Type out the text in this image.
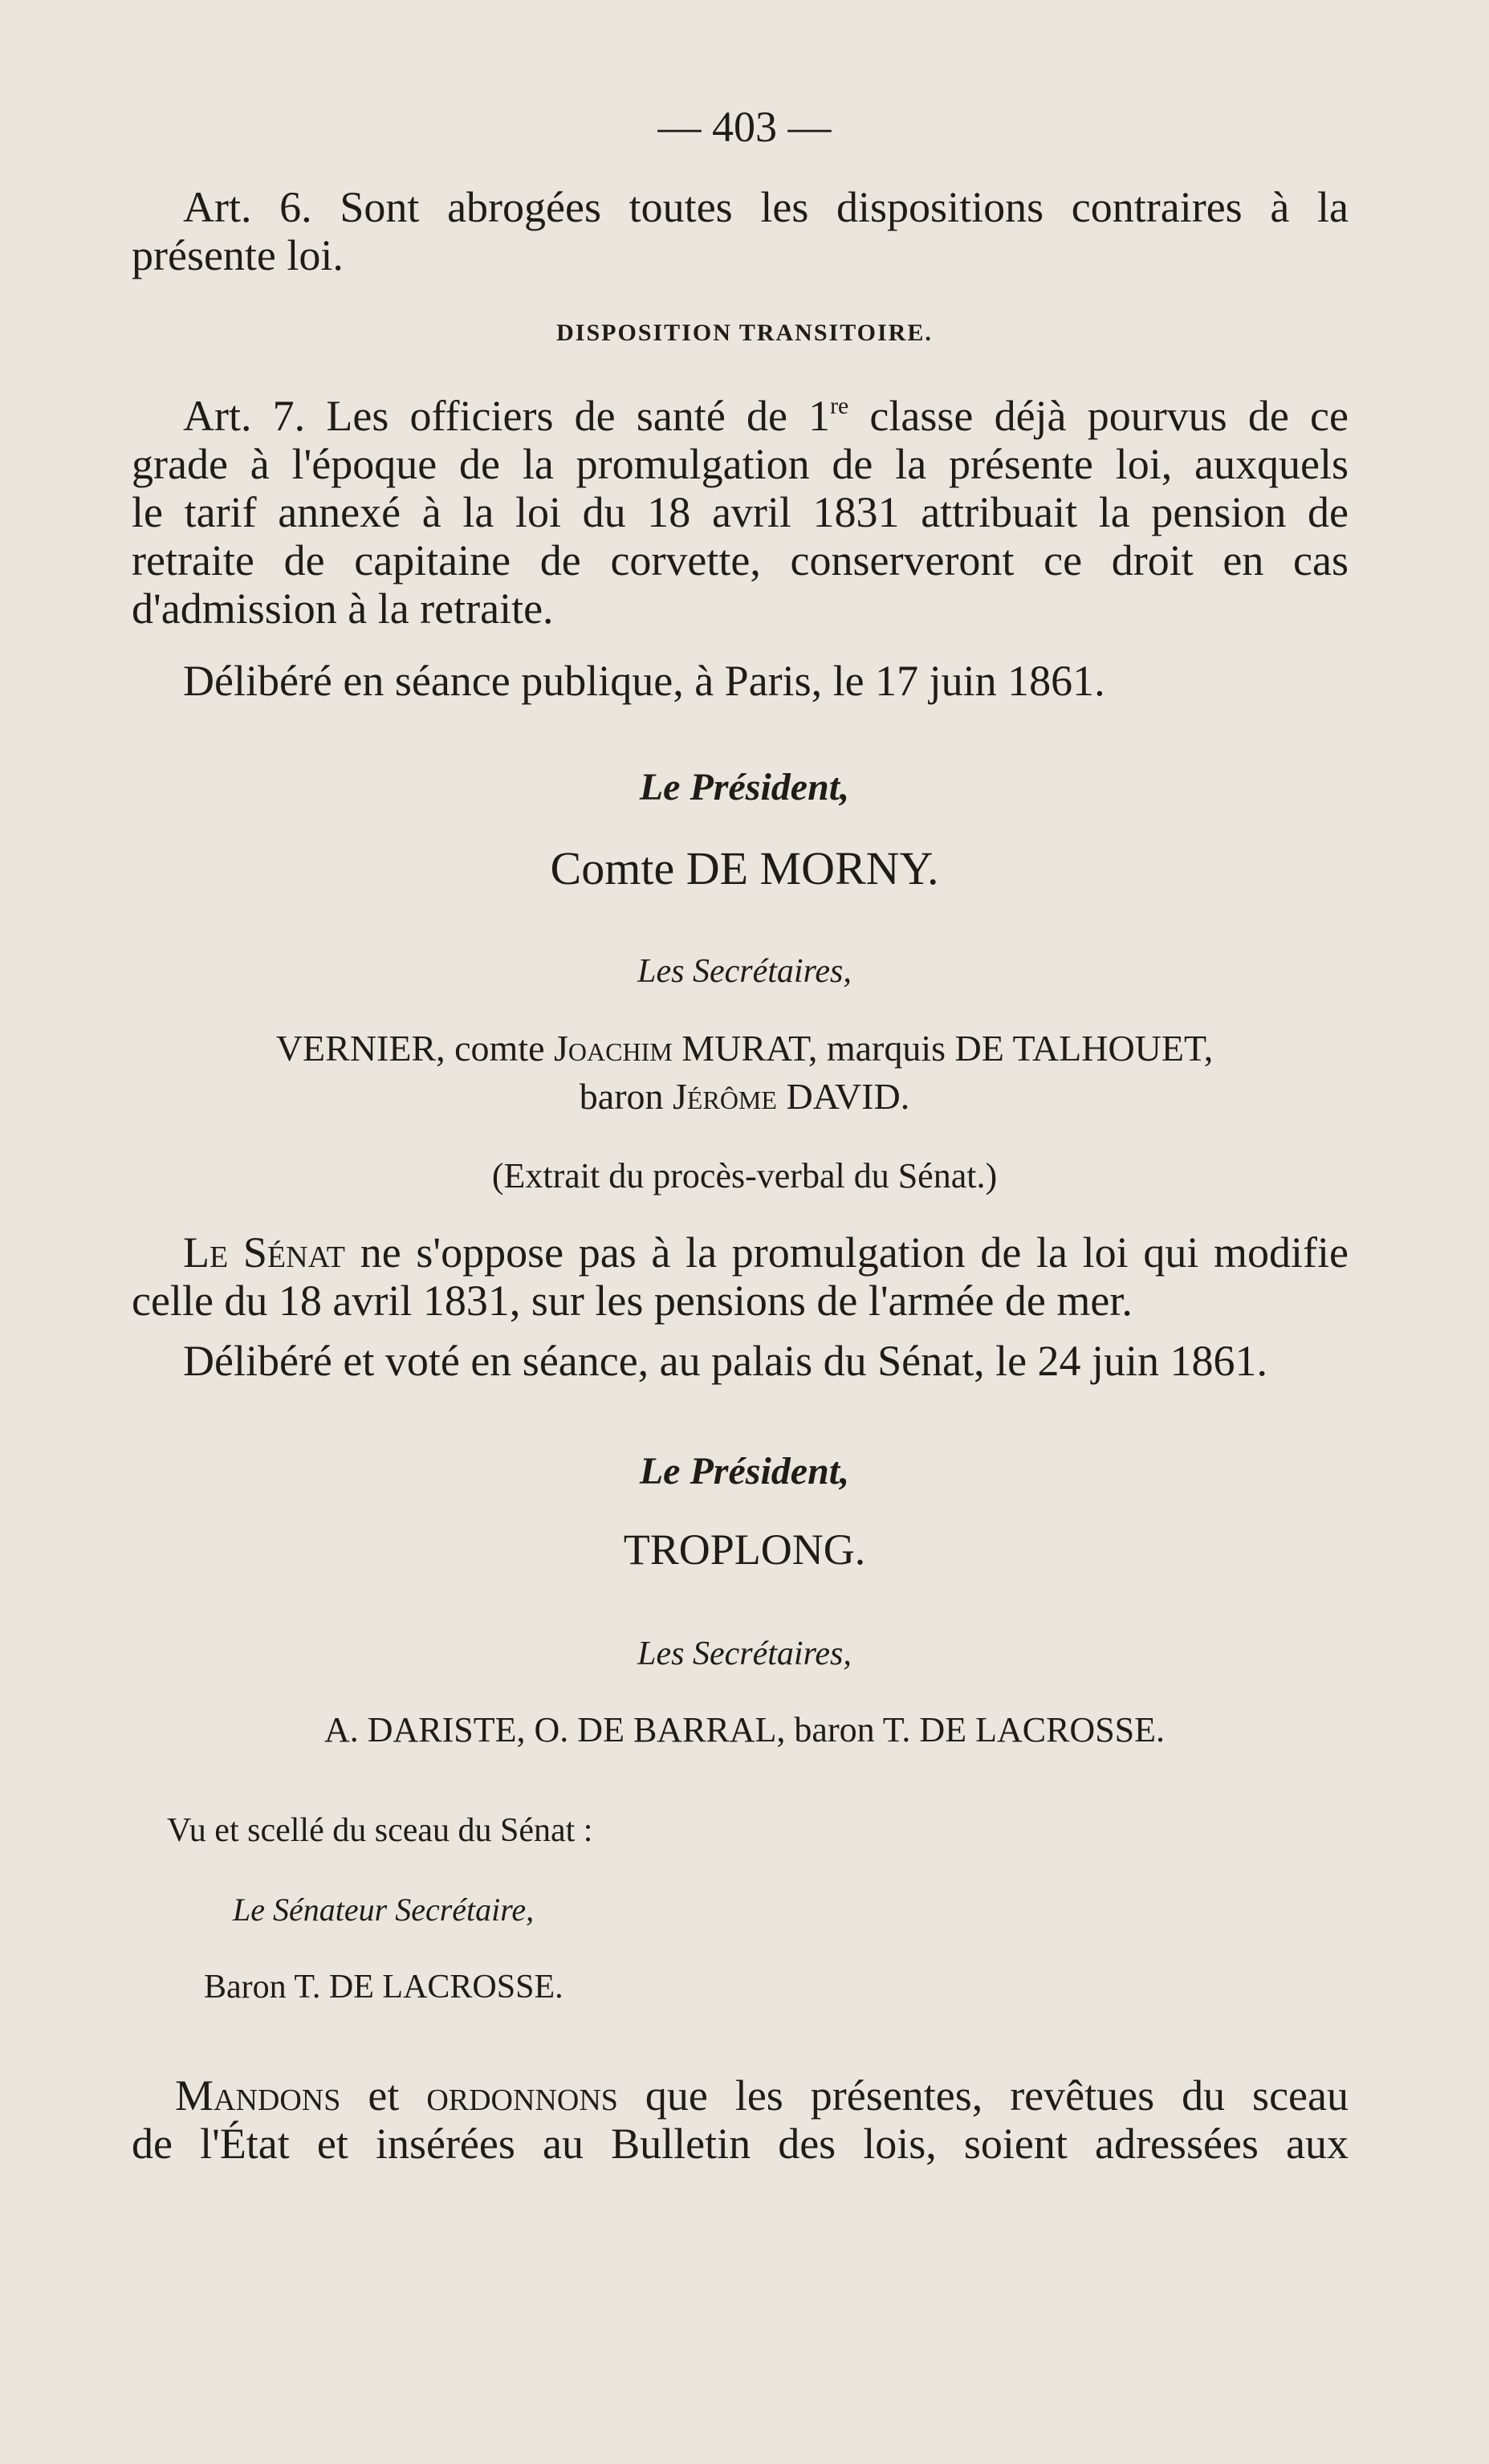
— 403 —

Art. 6. Sont abrogées toutes les dispositions contraires à la

présente loi.

DISPOSITION TRANSITOIRE.

Art. 7. Les officiers de santé de 1re classe déjà pourvus de ce

grade à l'époque de la promulgation de la présente loi, auxquels

le tarif annexé à la loi du 18 avril 1831 attribuait la pension de

retraite de capitaine de corvette, conserveront ce droit en cas

d'admission à la retraite.

Délibéré en séance publique, à Paris, le 17 juin 1861.

Le Président,

Comte DE MORNY.

Les Secrétaires,

VERNIER, comte Joachim MURAT, marquis DE TALHOUET,

baron Jérôme DAVID.

(Extrait du procès-verbal du Sénat.)

Le Sénat ne s'oppose pas à la promulgation de la loi qui modifie

celle du 18 avril 1831, sur les pensions de l'armée de mer.

Délibéré et voté en séance, au palais du Sénat, le 24 juin 1861.

Le Président,

TROPLONG.

Les Secrétaires,

A. DARISTE, O. DE BARRAL, baron T. DE LACROSSE.

Vu et scellé du sceau du Sénat :

Le Sénateur Secrétaire,

Baron T. DE LACROSSE.

Mandons et ordonnons que les présentes, revêtues du sceau

de l'État et insérées au Bulletin des lois, soient adressées aux
